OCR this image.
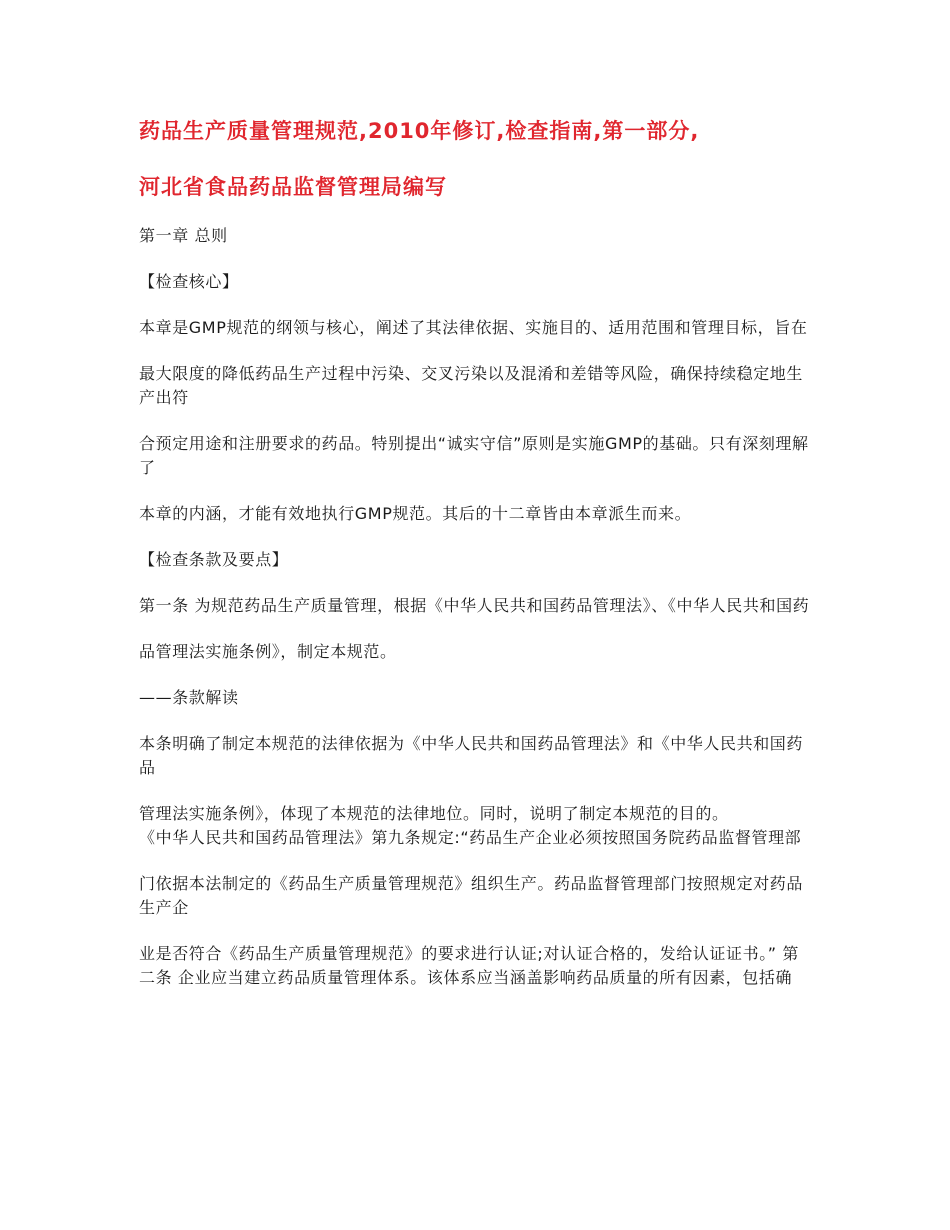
药品生产质量管理规范,2010年修订,检查指南,第一部分,
河北省食品药品监督管理局编写

第一章 总则

【检查核心】

本章是GMP规范的纲领与核心，阐述了其法律依据、实施目的、适用范围和管理目标，旨在

最大限度的降低药品生产过程中污染、交叉污染以及混淆和差错等风险，确保持续稳定地生产出符

合预定用途和注册要求的药品。特别提出“诚实守信”原则是实施GMP的基础。只有深刻理解了

本章的内涵，才能有效地执行GMP规范。其后的十二章皆由本章派生而来。

【检查条款及要点】

第一条 为规范药品生产质量管理，根据《中华人民共和国药品管理法》、《中华人民共和国药

品管理法实施条例》，制定本规范。

——条款解读

本条明确了制定本规范的法律依据为《中华人民共和国药品管理法》和《中华人民共和国药品

管理法实施条例》，体现了本规范的法律地位。同时，说明了制定本规范的目的。

《中华人民共和国药品管理法》第九条规定:“药品生产企业必须按照国务院药品监督管理部

门依据本法制定的《药品生产质量管理规范》组织生产。药品监督管理部门按照规定对药品生产企

业是否符合《药品生产质量管理规范》的要求进行认证;对认证合格的，发给认证证书。” 第二条 企业应当建立药品质量管理体系。该体系应当涵盖影响药品质量的所有因素，包括确
